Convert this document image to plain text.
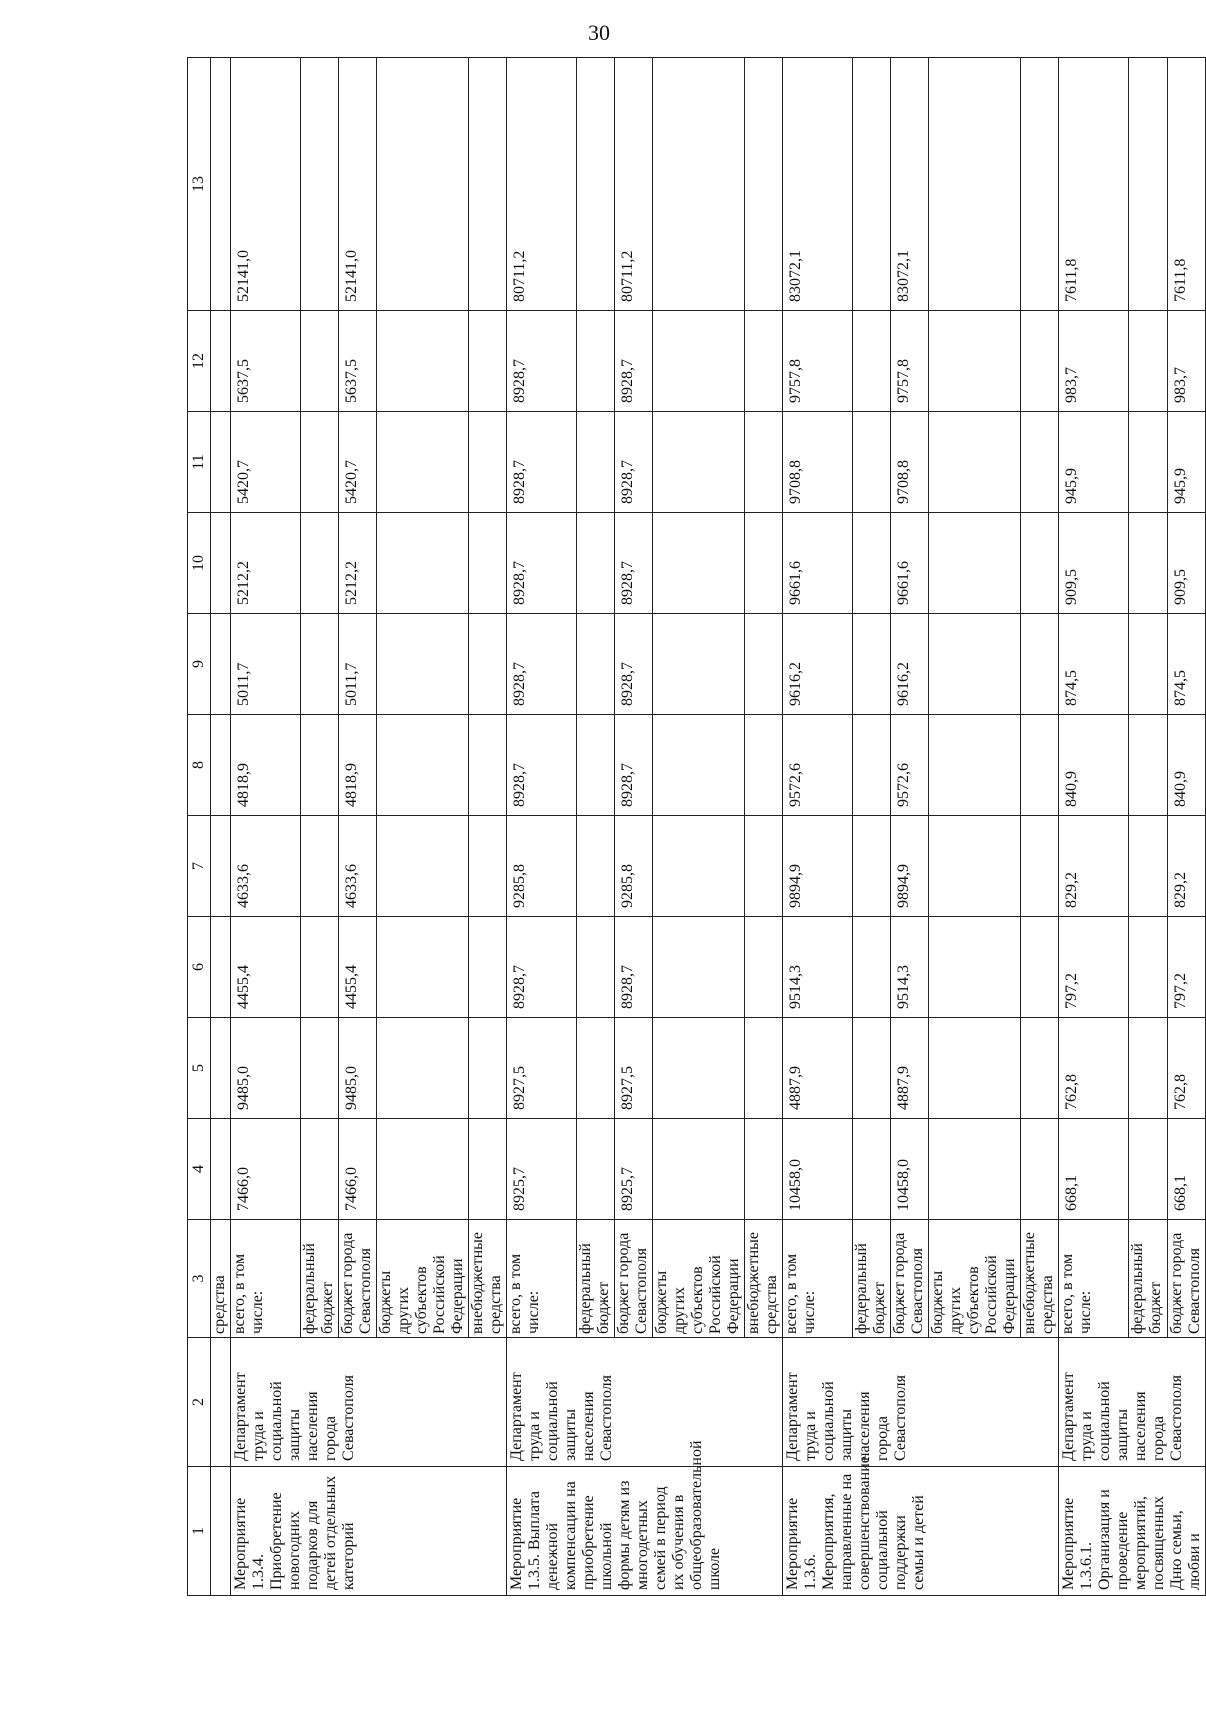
30
1	2	3	4	5	6	7	8	9	10	11	12	13
		средства										
Мероприятие 1.3.4. Приобретение новогодних подарков для детей отдельных категорий	Департамент труда и социальной защиты населения города Севастополя	всего, в том числе:	7466,0	9485,0	4455,4	4633,6	4818,9	5011,7	5212,2	5420,7	5637,5	52141,0
		федеральный бюджет										
		бюджет города Севастополя	7466,0	9485,0	4455,4	4633,6	4818,9	5011,7	5212,2	5420,7	5637,5	52141,0
		бюджеты других субъектов Российской Федерации										
		внебюджетные средства										
Мероприятие 1.3.5. Выплата денежной компенсации на приобретение школьной формы детям из многодетных семей в период их обучения в общеобразовательной школе	Департамент труда и социальной защиты населения Севастополя	всего, в том числе:	8925,7	8927,5	8928,7	9285,8	8928,7	8928,7	8928,7	8928,7	8928,7	80711,2
		федеральный бюджет										
		бюджет города Севастополя	8925,7	8927,5	8928,7	9285,8	8928,7	8928,7	8928,7	8928,7	8928,7	80711,2
		бюджеты других субъектов Российской Федерации										
		внебюджетные средства										
Мероприятие 1.3.6. Мероприятия, направленные на совершенствование социальной поддержки семьи и детей	Департамент труда и социальной защиты населения города Севастополя	всего, в том числе:	10458,0	4887,9	9514,3	9894,9	9572,6	9616,2	9661,6	9708,8	9757,8	83072,1
		федеральный бюджет										
		бюджет города Севастополя	10458,0	4887,9	9514,3	9894,9	9572,6	9616,2	9661,6	9708,8	9757,8	83072,1
		бюджеты других субъектов Российской Федерации										
		внебюджетные средства										
Мероприятие 1.3.6.1. Организация и проведение мероприятий, посвященных Дню семьи, любви и	Департамент труда и социальной защиты населения города Севастополя	всего, в том числе:	668,1	762,8	797,2	829,2	840,9	874,5	909,5	945,9	983,7	7611,8
		федеральный бюджет										
		бюджет города Севастополя	668,1	762,8	797,2	829,2	840,9	874,5	909,5	945,9	983,7	7611,8
